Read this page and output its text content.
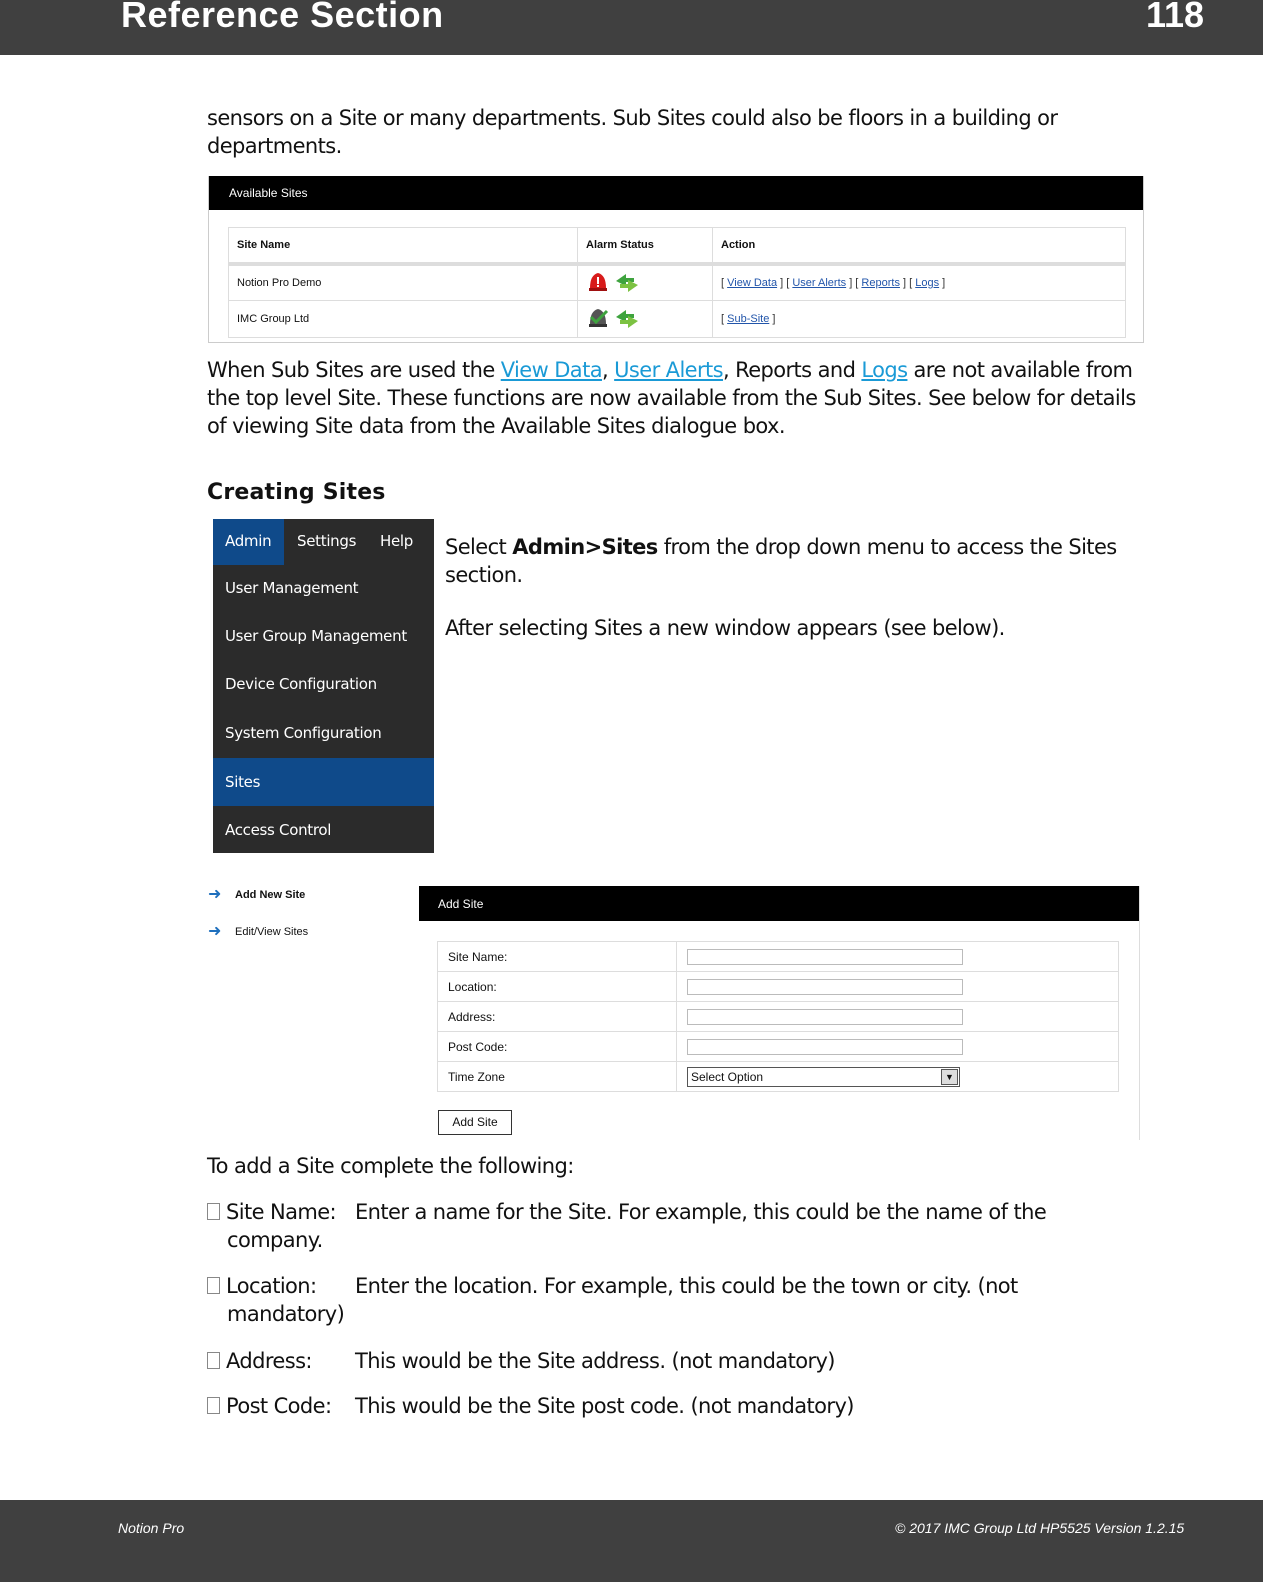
Reference Section	118
sensors on a Site or many departments. Sub Sites could also be floors in a building or departments.
Available Sites
Site Name	Alarm Status	Action
Notion Pro Demo		[ View Data ] [ User Alerts ] [ Reports ] [ Logs ]
IMC Group Ltd		[ Sub-Site ]
When Sub Sites are used the View Data, User Alerts, Reports and Logs are not available from the top level Site. These functions are now available from the Sub Sites. See below for details of viewing Site data from the Available Sites dialogue box.
Creating Sites
Admin	Settings Help
User Management
User Group Management
Device Configuration
System Configuration
Sites
Access Control
Select Admin>Sites from the drop down menu to access the Sites section.
After selecting Sites a new window appears (see below).
➜ Add New Site
➜ Edit/View Sites
Add Site
Site Name:	

Location:	

Address:	

Post Code:	

Time Zone	Select Option ▼
Add Site
To add a Site complete the following:
Site Name: Enter a name for the Site. For example, this could be the name of the
company.
Location: Enter the location. For example, this could be the town or city. (not
mandatory)
Address: This would be the Site address. (not mandatory)
Post Code: This would be the Site post code. (not mandatory)
Notion Pro	© 2017 IMC Group Ltd HP5525 Version 1.2.15
